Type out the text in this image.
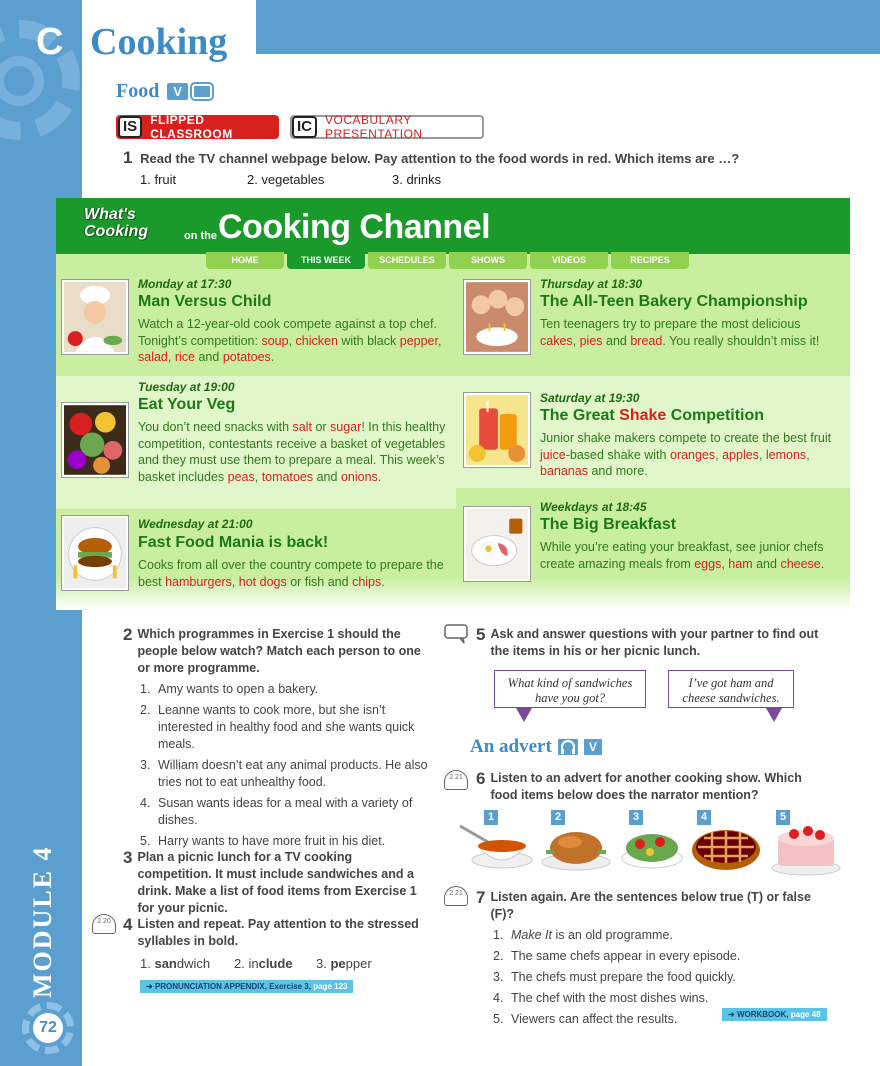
MODULE 4
72
C Cooking
Food	V
IS	FLIPPED CLASSROOM	IC	VOCABULARY PRESENTATION
1 Read the TV channel webpage below. Pay attention to the food words in red. Which items are …?
1. fruit	2. vegetables	3. drinks
What's
Cooking	on the Cooking Channel
HOME	THIS WEEK	SCHEDULES	SHOWS	VIDEOS	RECIPES
Monday at 17:30
Man Versus Child
Watch a 12-year-old cook compete against a top chef. Tonight’s competition: soup, chicken with black pepper, salad, rice and potatoes.
Tuesday at 19:00
Eat Your Veg
You don’t need snacks with salt or sugar! In this healthy competition, contestants receive a basket of vegetables and they must use them to prepare a meal. This week’s basket includes peas, tomatoes and onions.
Wednesday at 21:00
Fast Food Mania is back!
Cooks from all over the country compete to prepare the best hamburgers, hot dogs or fish and chips.
Thursday at 18:30
The All-Teen Bakery Championship
Ten teenagers try to prepare the most delicious cakes, pies and bread. You really shouldn’t miss it!
Saturday at 19:30
The Great Shake Competition
Junior shake makers compete to create the best fruit juice-based shake with oranges, apples, lemons, bananas and more.
Weekdays at 18:45
The Big Breakfast
While you’re eating your breakfast, see junior chefs create amazing meals from eggs, ham and cheese.
2 Which programmes in Exercise 1 should the people below watch? Match each person to one or more programme.
1. Amy wants to open a bakery.
2. Leanne wants to cook more, but she isn’t interested in healthy food and she wants quick meals.
3. William doesn’t eat any animal products. He also tries not to eat unhealthy food.
4. Susan wants ideas for a meal with a variety of dishes.
5. Harry wants to have more fruit in his diet.
3 Plan a picnic lunch for a TV cooking competition. It must include sandwiches and a drink. Make a list of food items from Exercise 1 for your picnic.
2 20 4 Listen and repeat. Pay attention to the stressed syllables in bold.
1. sandwich	2. include	3. pepper
➜ PRONUNCIATION APPENDIX, Exercise 3, page 123
5 Ask and answer questions with your partner to find out the items in his or her picnic lunch.
What kind of sandwiches have you got?
I’ve got ham and cheese sandwiches.
An advert	V
2 21 6 Listen to an advert for another cooking show. Which food items below does the narrator mention?
1	2	3	4	5
2 21 7 Listen again. Are the sentences below true (T) or false (F)?
1. Make It is an old programme.
2. The same chefs appear in every episode.
3. The chefs must prepare the food quickly.
4. The chef with the most dishes wins.
5. Viewers can affect the results.	➜ WORKBOOK, page 48
